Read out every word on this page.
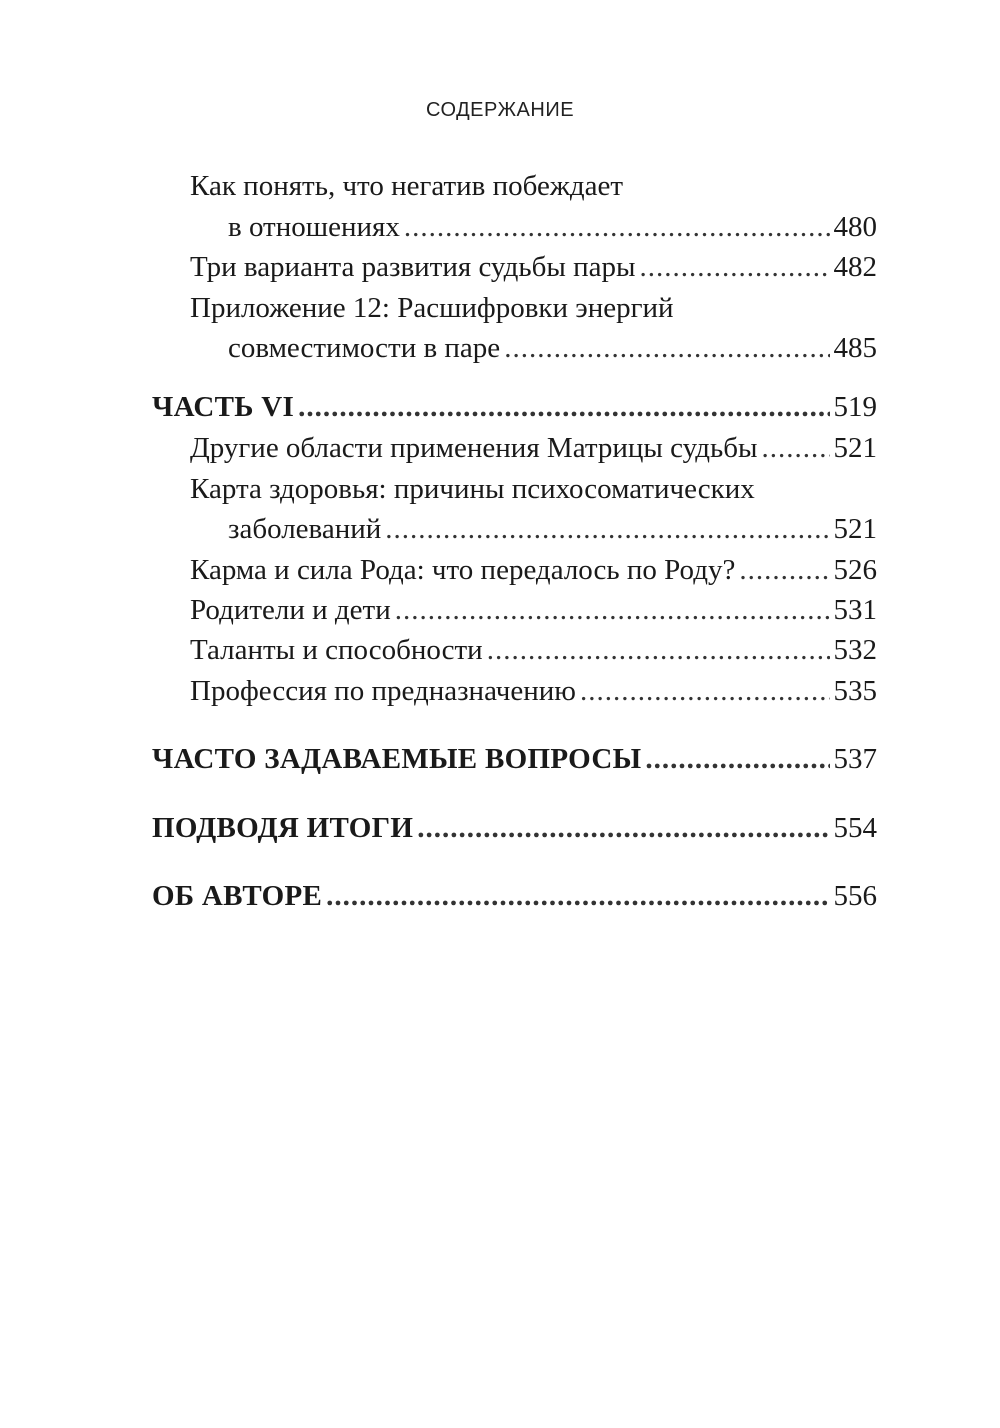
СОДЕРЖАНИЕ
Как понять, что негатив побеждает
в отношениях .....	480
Три варианта развития судьбы пары .....	482
Приложение 12: Расшифровки энергий
совместимости в паре .....	485
ЧАСТЬ VI .....	519
Другие области применения Матрицы судьбы .....	521
Карта здоровья: причины психосоматических
заболеваний .....	521
Карма и сила Рода: что передалось по Роду? .....	526
Родители и дети .....	531
Таланты и способности .....	532
Профессия по предназначению .....	535
ЧАСТО ЗАДАВАЕМЫЕ ВОПРОСЫ .....	537
ПОДВОДЯ ИТОГИ .....	554
ОБ АВТОРЕ .....	556
